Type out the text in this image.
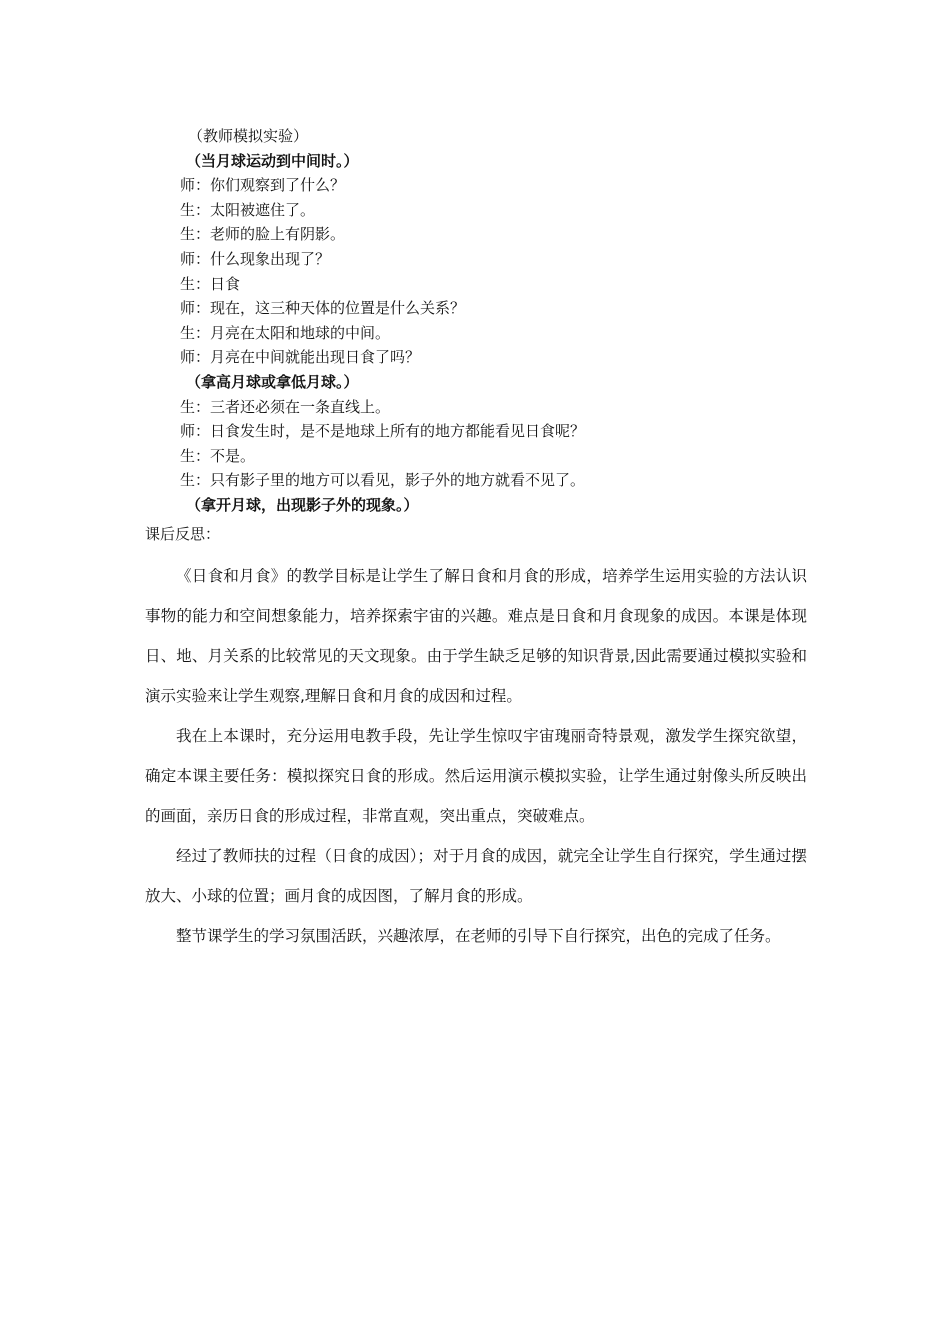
（教师模拟实验）
（当月球运动到中间时。）
师：你们观察到了什么？
生：太阳被遮住了。
生：老师的脸上有阴影。
师：什么现象出现了？
生：日食
师：现在，这三种天体的位置是什么关系？
生：月亮在太阳和地球的中间。
师：月亮在中间就能出现日食了吗？
（拿高月球或拿低月球。）
生：三者还必须在一条直线上。
师：日食发生时，是不是地球上所有的地方都能看见日食呢？
生：不是。
生：只有影子里的地方可以看见，影子外的地方就看不见了。
（拿开月球，出现影子外的现象。）
课后反思：

《日食和月食》的教学目标是让学生了解日食和月食的形成，培养学生运用实验的方法认识事物的能力和空间想象能力，培养探索宇宙的兴趣。难点是日食和月食现象的成因。本课是体现日、地、月关系的比较常见的天文现象。由于学生缺乏足够的知识背景,因此需要通过模拟实验和演示实验来让学生观察,理解日食和月食的成因和过程。

我在上本课时，充分运用电教手段，先让学生惊叹宇宙瑰丽奇特景观，激发学生探究欲望，确定本课主要任务：模拟探究日食的形成。然后运用演示模拟实验，让学生通过射像头所反映出的画面，亲历日食的形成过程，非常直观，突出重点，突破难点。

经过了教师扶的过程（日食的成因）；对于月食的成因，就完全让学生自行探究，学生通过摆放大、小球的位置；画月食的成因图，了解月食的形成。

整节课学生的学习氛围活跃，兴趣浓厚，在老师的引导下自行探究，出色的完成了任务。
